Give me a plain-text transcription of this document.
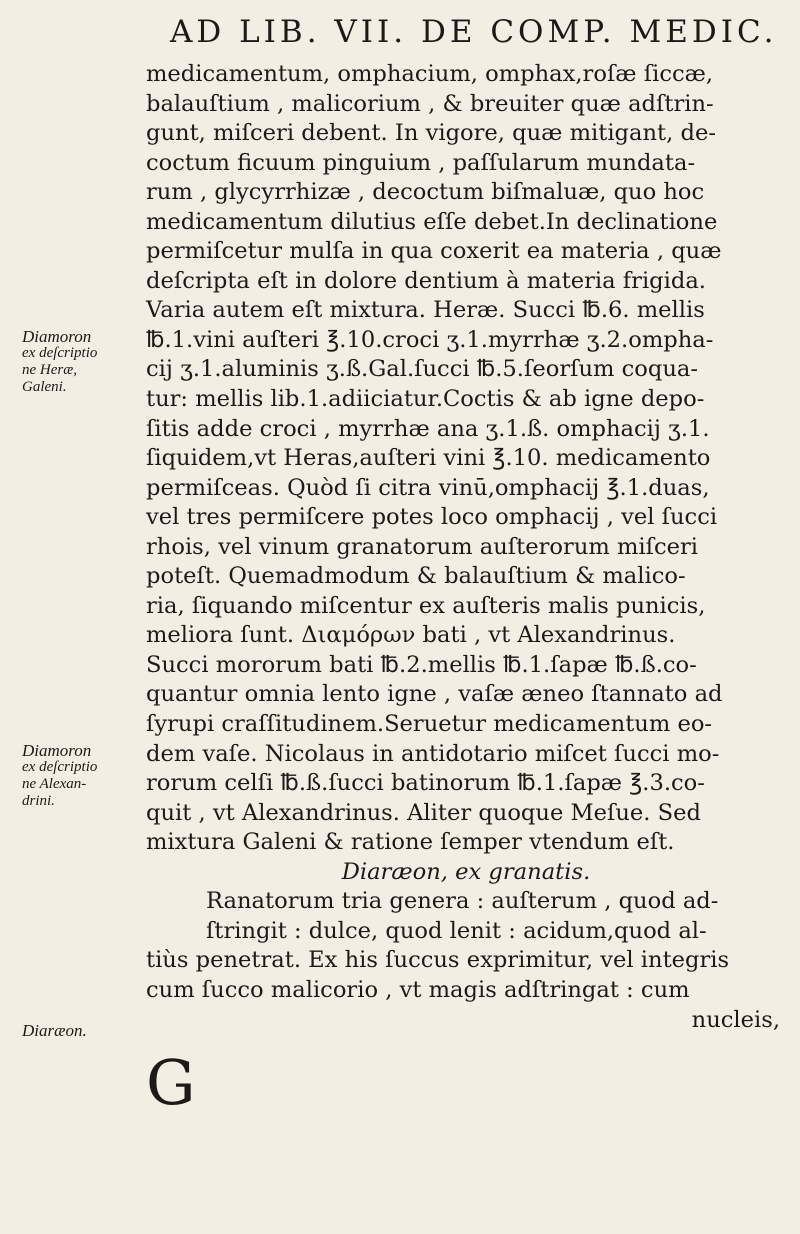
AD LIB. VII. DE COMP. MEDIC.
medicamentum, omphacium, omphax,roſæ ſiccæ,
balauſtium , malicorium , & breuiter quæ adſtrin-
gunt, miſceri debent. In vigore, quæ mitigant, de-
coctum ficuum pinguium , paſſularum mundata-
rum , glycyrrhizæ , decoctum biſmaluæ, quo hoc
medicamentum dilutius eſſe debet.In declinatione
permiſcetur mulſa in qua coxerit ea materia , quæ
deſcripta eſt in dolore dentium à materia frigida.
Varia autem eſt mixtura. Heræ. Succi ℔.6. mellis
℔.1.vini auſteri ℥.10.croci ʒ.1.myrrhæ ʒ.2.ompha-
cij ʒ.1.aluminis ʒ.ß.Gal.ſucci ℔.5.ſeorſum coqua-
tur: mellis lib.1.adiiciatur.Coctis & ab igne depo-
ſitis adde croci , myrrhæ ana ʒ.1.ß. omphacij ʒ.1.
ſiquidem,vt Heras,auſteri vini ℥.10. medicamento
permiſceas. Quòd ſi citra vinū,omphacij ℥.1.duas,
vel tres permiſcere potes loco omphacij , vel ſucci
rhois, vel vinum granatorum auſterorum miſceri
poteſt. Quemadmodum & balauſtium & malico-
ria, ſiquando miſcentur ex auſteris malis punicis,
meliora ſunt. Διαμόρων bati , vt Alexandrinus.
Succi mororum bati ℔.2.mellis ℔.1.ſapæ ℔.ß.co-
quantur omnia lento igne , vaſæ æneo ſtannato ad
ſyrupi craſſitudinem.Seruetur medicamentum eo-
dem vaſe. Nicolaus in antidotario miſcet ſucci mo-
rorum celſi ℔.ß.ſucci batinorum ℔.1.ſapæ ℥.3.co-
quit , vt Alexandrinus. Aliter quoque Meſue. Sed
mixtura Galeni & ratione ſemper vtendum eſt.
Diaræon, ex granatis.
Ranatorum tria genera : auſterum , quod ad-
ſtringit : dulce, quod lenit : acidum,quod al-
tiùs penetrat. Ex his ſuccus exprimitur, vel integris
cum ſucco malicorio , vt magis adſtringat : cum
nucleis,
G
Diamoron
ex deſcriptio
ne Heræ,
Galeni.
Diamoron
ex deſcriptio
ne Alexan-
drini.
Diaræon.
